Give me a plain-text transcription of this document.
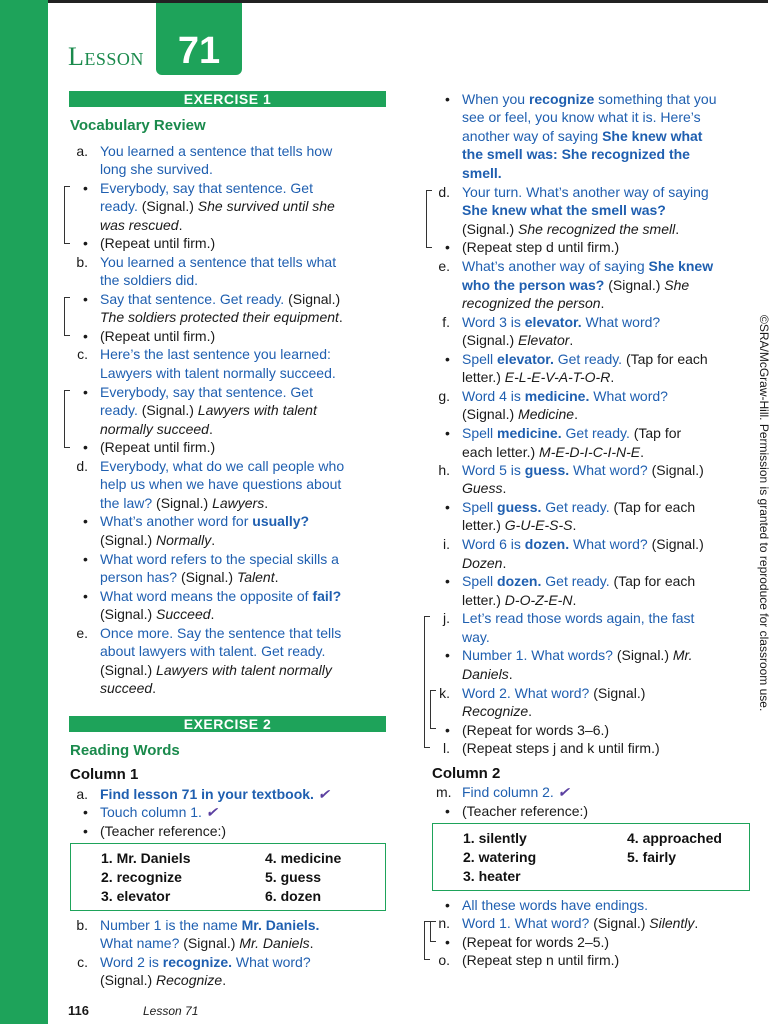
Lesson 71
EXERCISE 1
Vocabulary Review
a. You learned a sentence that tells how
long she survived.
• Everybody, say that sentence. Get
ready. (Signal.) She survived until she
was rescued.
• (Repeat until firm.)
b. You learned a sentence that tells what
the soldiers did.
• Say that sentence. Get ready. (Signal.)
The soldiers protected their equipment.
• (Repeat until firm.)
c. Here’s the last sentence you learned:
Lawyers with talent normally succeed.
• Everybody, say that sentence. Get
ready. (Signal.) Lawyers with talent
normally succeed.
• (Repeat until firm.)
d. Everybody, what do we call people who
help us when we have questions about
the law? (Signal.) Lawyers.
• What’s another word for usually?
(Signal.) Normally.
• What word refers to the special skills a
person has? (Signal.) Talent.
• What word means the opposite of fail?
(Signal.) Succeed.
e. Once more. Say the sentence that tells
about lawyers with talent. Get ready.
(Signal.) Lawyers with talent normally
succeed.
EXERCISE 2
Reading Words
Column 1
a. Find lesson 71 in your textbook. ✔
• Touch column 1. ✔
• (Teacher reference:)
1. Mr. Daniels
2. recognize
3. elevator
4. medicine
5. guess
6. dozen
b. Number 1 is the name Mr. Daniels.
What name? (Signal.) Mr. Daniels.
c. Word 2 is recognize. What word?
(Signal.) Recognize.
• When you recognize something that you
see or feel, you know what it is. Here’s
another way of saying She knew what
the smell was: She recognized the
smell.
d. Your turn. What’s another way of saying
She knew what the smell was?
(Signal.) She recognized the smell.
• (Repeat step d until firm.)
e. What’s another way of saying She knew
who the person was? (Signal.) She
recognized the person.
f. Word 3 is elevator. What word?
(Signal.) Elevator.
• Spell elevator. Get ready. (Tap for each
letter.) E-L-E-V-A-T-O-R.
g. Word 4 is medicine. What word?
(Signal.) Medicine.
• Spell medicine. Get ready. (Tap for
each letter.) M-E-D-I-C-I-N-E.
h. Word 5 is guess. What word? (Signal.)
Guess.
• Spell guess. Get ready. (Tap for each
letter.) G-U-E-S-S.
i. Word 6 is dozen. What word? (Signal.)
Dozen.
• Spell dozen. Get ready. (Tap for each
letter.) D-O-Z-E-N.
j. Let’s read those words again, the fast
way.
• Number 1. What words? (Signal.) Mr.
Daniels.
k. Word 2. What word? (Signal.)
Recognize.
• (Repeat for words 3–6.)
l. (Repeat steps j and k until firm.)
Column 2
m. Find column 2. ✔
• (Teacher reference:)
1. silently
2. watering
3. heater
4. approached
5. fairly
• All these words have endings.
n. Word 1. What word? (Signal.) Silently.
• (Repeat for words 2–5.)
o. (Repeat step n until firm.)
116	Lesson 71
©SRA/McGraw-Hill. Permission is granted to reproduce for classroom use.
